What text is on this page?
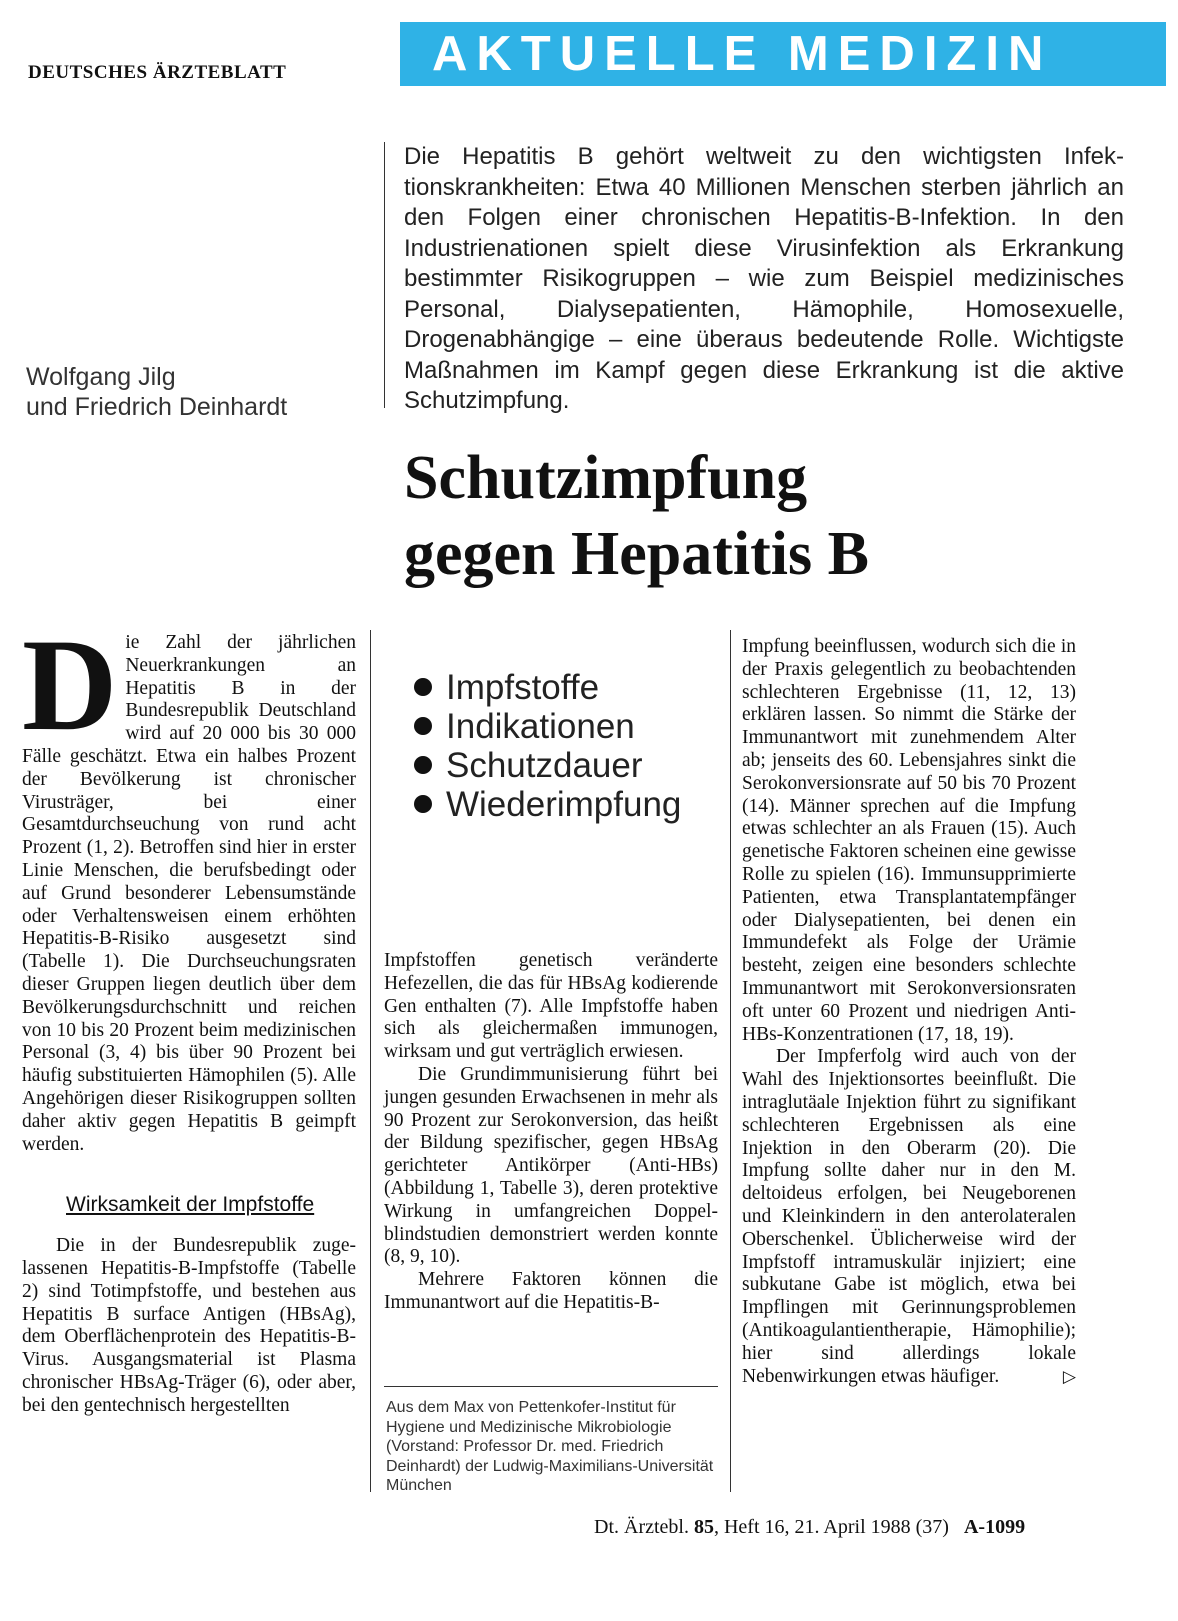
DEUTSCHES ÄRZTEBLATT	AKTUELLE MEDIZIN
Wolfgang Jilg
und Friedrich Deinhardt

Die Hepatitis B gehört weltweit zu den wichtigsten Infektionskrankheiten: Etwa 40 Millionen Menschen sterben jährlich an den Folgen einer chronischen Hepatitis-B-Infektion. In den Industrienationen spielt diese Virusinfektion als Erkrankung bestimmter Risikogruppen – wie zum Beispiel medizinisches Personal, Dialysepatienten, Hämophile, Homosexuelle, Drogenabhängige – eine überaus bedeutende Rolle. Wichtigste Maßnahmen im Kampf gegen diese Erkrankung ist die aktive Schutzimpfung.

Schutzimpfung
gegen Hepatitis B
D ie Zahl der jährlichen Neuerkrankungen an Hepatitis B in der Bundesrepublik Deutschland wird auf 20 000 bis 30 000 Fälle geschätzt. Etwa ein halbes Prozent der Bevölkerung ist chronischer Virusträger, bei einer Gesamtdurchseuchung von rund acht Prozent (1, 2). Betroffen sind hier in erster Linie Menschen, die berufsbedingt oder auf Grund besonderer Lebensumstände oder Verhaltensweisen einem erhöhten Hepatitis-B-Risiko ausgesetzt sind (Tabelle 1). Die Durchseuchungsraten dieser Gruppen liegen deutlich über dem Bevölkerungsdurchschnitt und reichen von 10 bis 20 Prozent beim medizinischen Personal (3, 4) bis über 90 Prozent bei häufig substituierten Hämophilen (5). Alle Angehörigen dieser Risikogruppen sollten daher aktiv gegen Hepatitis B geimpft werden.

Wirksamkeit der Impfstoffe

Die in der Bundesrepublik zugelassenen Hepatitis-B-Impfstoffe (Tabelle 2) sind Totimpfstoffe, und bestehen aus Hepatitis B surface Antigen (HBsAg), dem Oberflächenprotein des Hepatitis-B-Virus. Ausgangsmaterial ist Plasma chronischer HBsAg-Träger (6), oder aber, bei den gentechnisch hergestellten

Impfstoffe
Indikationen
Schutzdauer
Wiederimpfung

Impfstoffen genetisch veränderte Hefezellen, die das für HBsAg kodierende Gen enthalten (7). Alle Impfstoffe haben sich als gleichermaßen immunogen, wirksam und gut verträglich erwiesen.

Die Grundimmunisierung führt bei jungen gesunden Erwachsenen in mehr als 90 Prozent zur Serokonversion, das heißt der Bildung spezifischer, gegen HBsAg gerichteter Antikörper (Anti-HBs)(Abbildung 1, Tabelle 3), deren protektive Wirkung in umfangreichen Doppelblindstudien demonstriert werden konnte (8, 9, 10).

Mehrere Faktoren können die Immunantwort auf die Hepatitis-B-

Aus dem Max von Pettenkofer-Institut für Hygiene und Medizinische Mikrobiologie (Vorstand: Professor Dr. med. Friedrich Deinhardt) der Ludwig-Maximilians-Universität München

Impfung beeinflussen, wodurch sich die in der Praxis gelegentlich zu beobachtenden schlechteren Ergebnisse (11, 12, 13) erklären lassen. So nimmt die Stärke der Immunantwort mit zunehmendem Alter ab; jenseits des 60. Lebensjahres sinkt die Serokonversionsrate auf 50 bis 70 Prozent (14). Männer sprechen auf die Impfung etwas schlechter an als Frauen (15). Auch genetische Faktoren scheinen eine gewisse Rolle zu spielen (16). Immunsupprimierte Patienten, etwa Transplantatempfänger oder Dialysepatienten, bei denen ein Immundefekt als Folge der Urämie besteht, zeigen eine besonders schlechte Immunantwort mit Serokonversionsraten oft unter 60 Prozent und niedrigen Anti-HBs-Konzentrationen (17, 18, 19).

Der Impferfolg wird auch von der Wahl des Injektionsortes beeinflußt. Die intraglutäale Injektion führt zu signifikant schlechteren Ergebnissen als eine Injektion in den Oberarm (20). Die Impfung sollte daher nur in den M. deltoideus erfolgen, bei Neugeborenen und Kleinkindern in den anterolateralen Oberschenkel. Üblicherweise wird der Impfstoff intramuskulär injiziert; eine subkutane Gabe ist möglich, etwa bei Impflingen mit Gerinnungsproblemen (Antikoagulantientherapie, Hämophilie); hier sind allerdings lokale Nebenwirkungen etwas häufiger.	▷

Dt. Ärztebl. 85, Heft 16, 21. April 1988 (37) A-1099
